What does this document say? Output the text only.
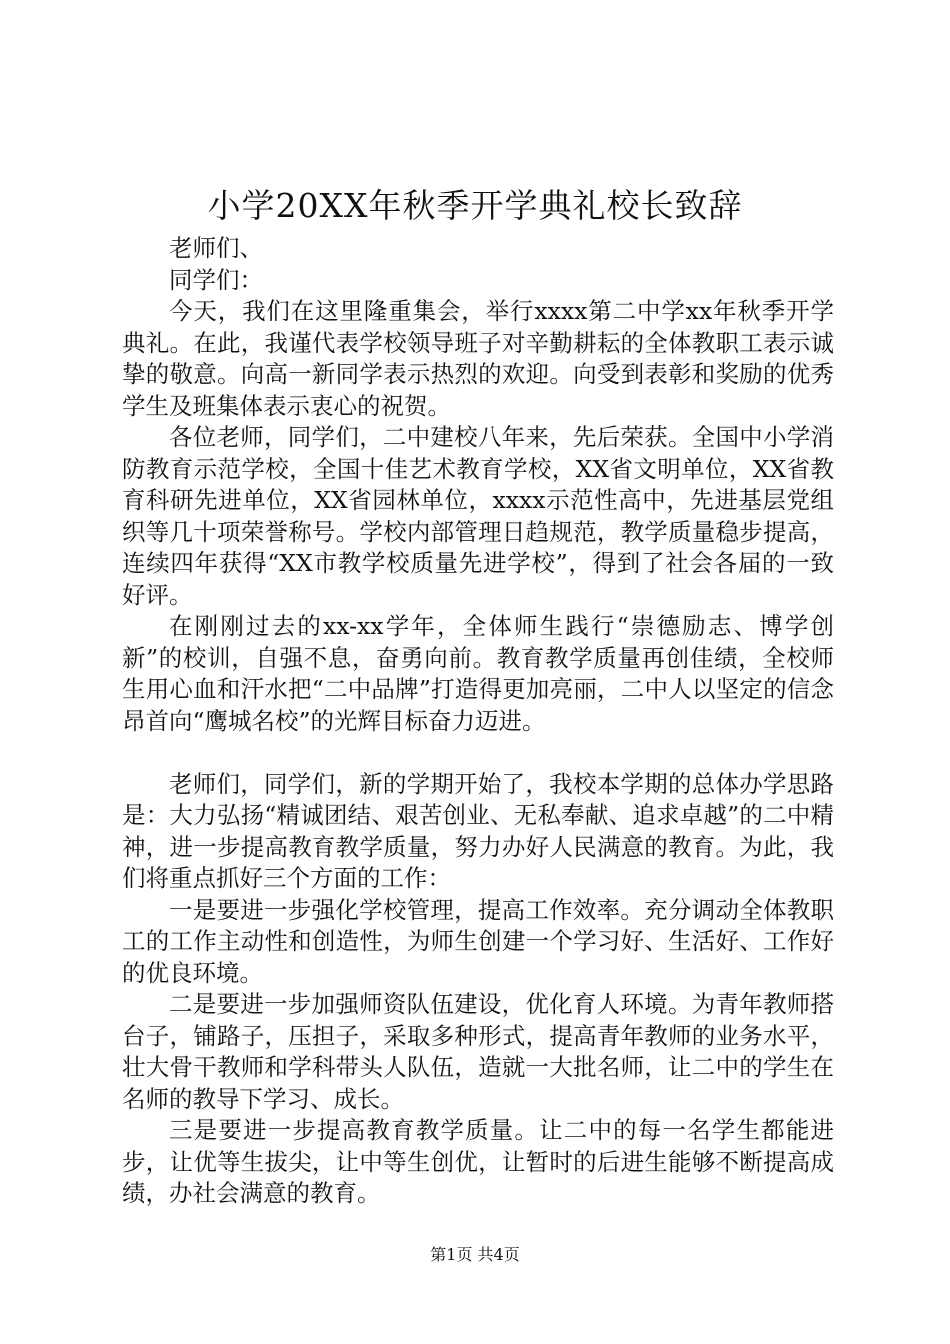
小学20XX年秋季开学典礼校长致辞

老师们、

同学们：

今天，我们在这里隆重集会，举行xxxx第二中学xx年秋季开学典礼。在此，我谨代表学校领导班子对辛勤耕耘的全体教职工表示诚挚的敬意。向高一新同学表示热烈的欢迎。向受到表彰和奖励的优秀学生及班集体表示衷心的祝贺。

各位老师，同学们，二中建校八年来，先后荣获。全国中小学消防教育示范学校，全国十佳艺术教育学校，XX省文明单位，XX省教育科研先进单位，XX省园林单位，xxxx示范性高中，先进基层党组织等几十项荣誉称号。学校内部管理日趋规范，教学质量稳步提高，连续四年获得“XX市教学校质量先进学校”，得到了社会各届的一致好评。

在刚刚过去的xx-xx学年，全体师生践行“崇德励志、博学创新”的校训，自强不息，奋勇向前。教育教学质量再创佳绩，全校师生用心血和汗水把“二中品牌”打造得更加亮丽，二中人以坚定的信念昂首向“鹰城名校”的光辉目标奋力迈进。

老师们，同学们，新的学期开始了，我校本学期的总体办学思路是：大力弘扬“精诚团结、艰苦创业、无私奉献、追求卓越”的二中精神，进一步提高教育教学质量，努力办好人民满意的教育。为此，我们将重点抓好三个方面的工作：

一是要进一步强化学校管理，提高工作效率。充分调动全体教职工的工作主动性和创造性，为师生创建一个学习好、生活好、工作好的优良环境。

二是要进一步加强师资队伍建设，优化育人环境。为青年教师搭台子，铺路子，压担子，采取多种形式，提高青年教师的业务水平，壮大骨干教师和学科带头人队伍，造就一大批名师，让二中的学生在名师的教导下学习、成长。

三是要进一步提高教育教学质量。让二中的每一名学生都能进步，让优等生拔尖，让中等生创优，让暂时的后进生能够不断提高成绩，办社会满意的教育。

第1页 共4页
